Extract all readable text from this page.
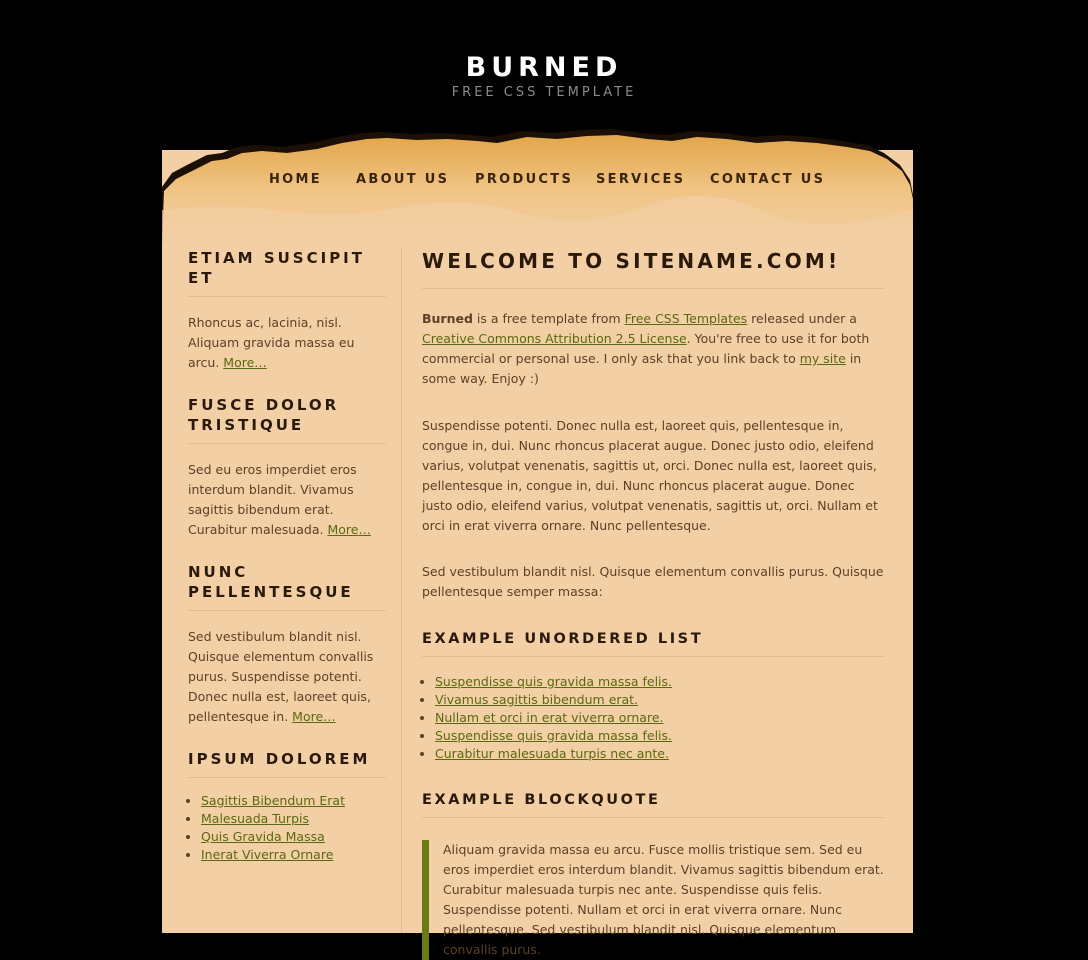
BURNED

FREE CSS TEMPLATE

HOME	ABOUT US PRODUCTS SERVICES CONTACT US
ETIAM SUSCIPIT ET

Rhoncus ac, lacinia, nisl. Aliquam gravida massa eu arcu. More…

FUSCE DOLOR TRISTIQUE

Sed eu eros imperdiet eros interdum blandit. Vivamus sagittis bibendum erat. Curabitur malesuada. More…

NUNC PELLENTESQUE

Sed vestibulum blandit nisl. Quisque elementum convallis purus. Suspendisse potenti. Donec nulla est, laoreet quis, pellentesque in. More…

IPSUM DOLOREM
• Sagittis Bibendum Erat
• Malesuada Turpis
• Quis Gravida Massa
• Inerat Viverra Ornare
WELCOME TO SITENAME.COM!

Burned is a free template from Free CSS Templates released under a Creative Commons Attribution 2.5 License. You're free to use it for both commercial or personal use. I only ask that you link back to my site in some way. Enjoy :)

Suspendisse potenti. Donec nulla est, laoreet quis, pellentesque in, congue in, dui. Nunc rhoncus placerat augue. Donec justo odio, eleifend varius, volutpat venenatis, sagittis ut, orci. Donec nulla est, laoreet quis, pellentesque in, congue in, dui. Nunc rhoncus placerat augue. Donec justo odio, eleifend varius, volutpat venenatis, sagittis ut, orci. Nullam et orci in erat viverra ornare. Nunc pellentesque.

Sed vestibulum blandit nisl. Quisque elementum convallis purus. Quisque pellentesque semper massa:

EXAMPLE UNORDERED LIST
• Suspendisse quis gravida massa felis.
• Vivamus sagittis bibendum erat.
• Nullam et orci in erat viverra ornare.
• Suspendisse quis gravida massa felis.
• Curabitur malesuada turpis nec ante.
EXAMPLE BLOCKQUOTE
Aliquam gravida massa eu arcu. Fusce mollis tristique sem. Sed eu eros imperdiet eros interdum blandit. Vivamus sagittis bibendum erat. Curabitur malesuada turpis nec ante. Suspendisse quis felis. Suspendisse potenti. Nullam et orci in erat viverra ornare. Nunc pellentesque. Sed vestibulum blandit nisl. Quisque elementum convallis purus.
